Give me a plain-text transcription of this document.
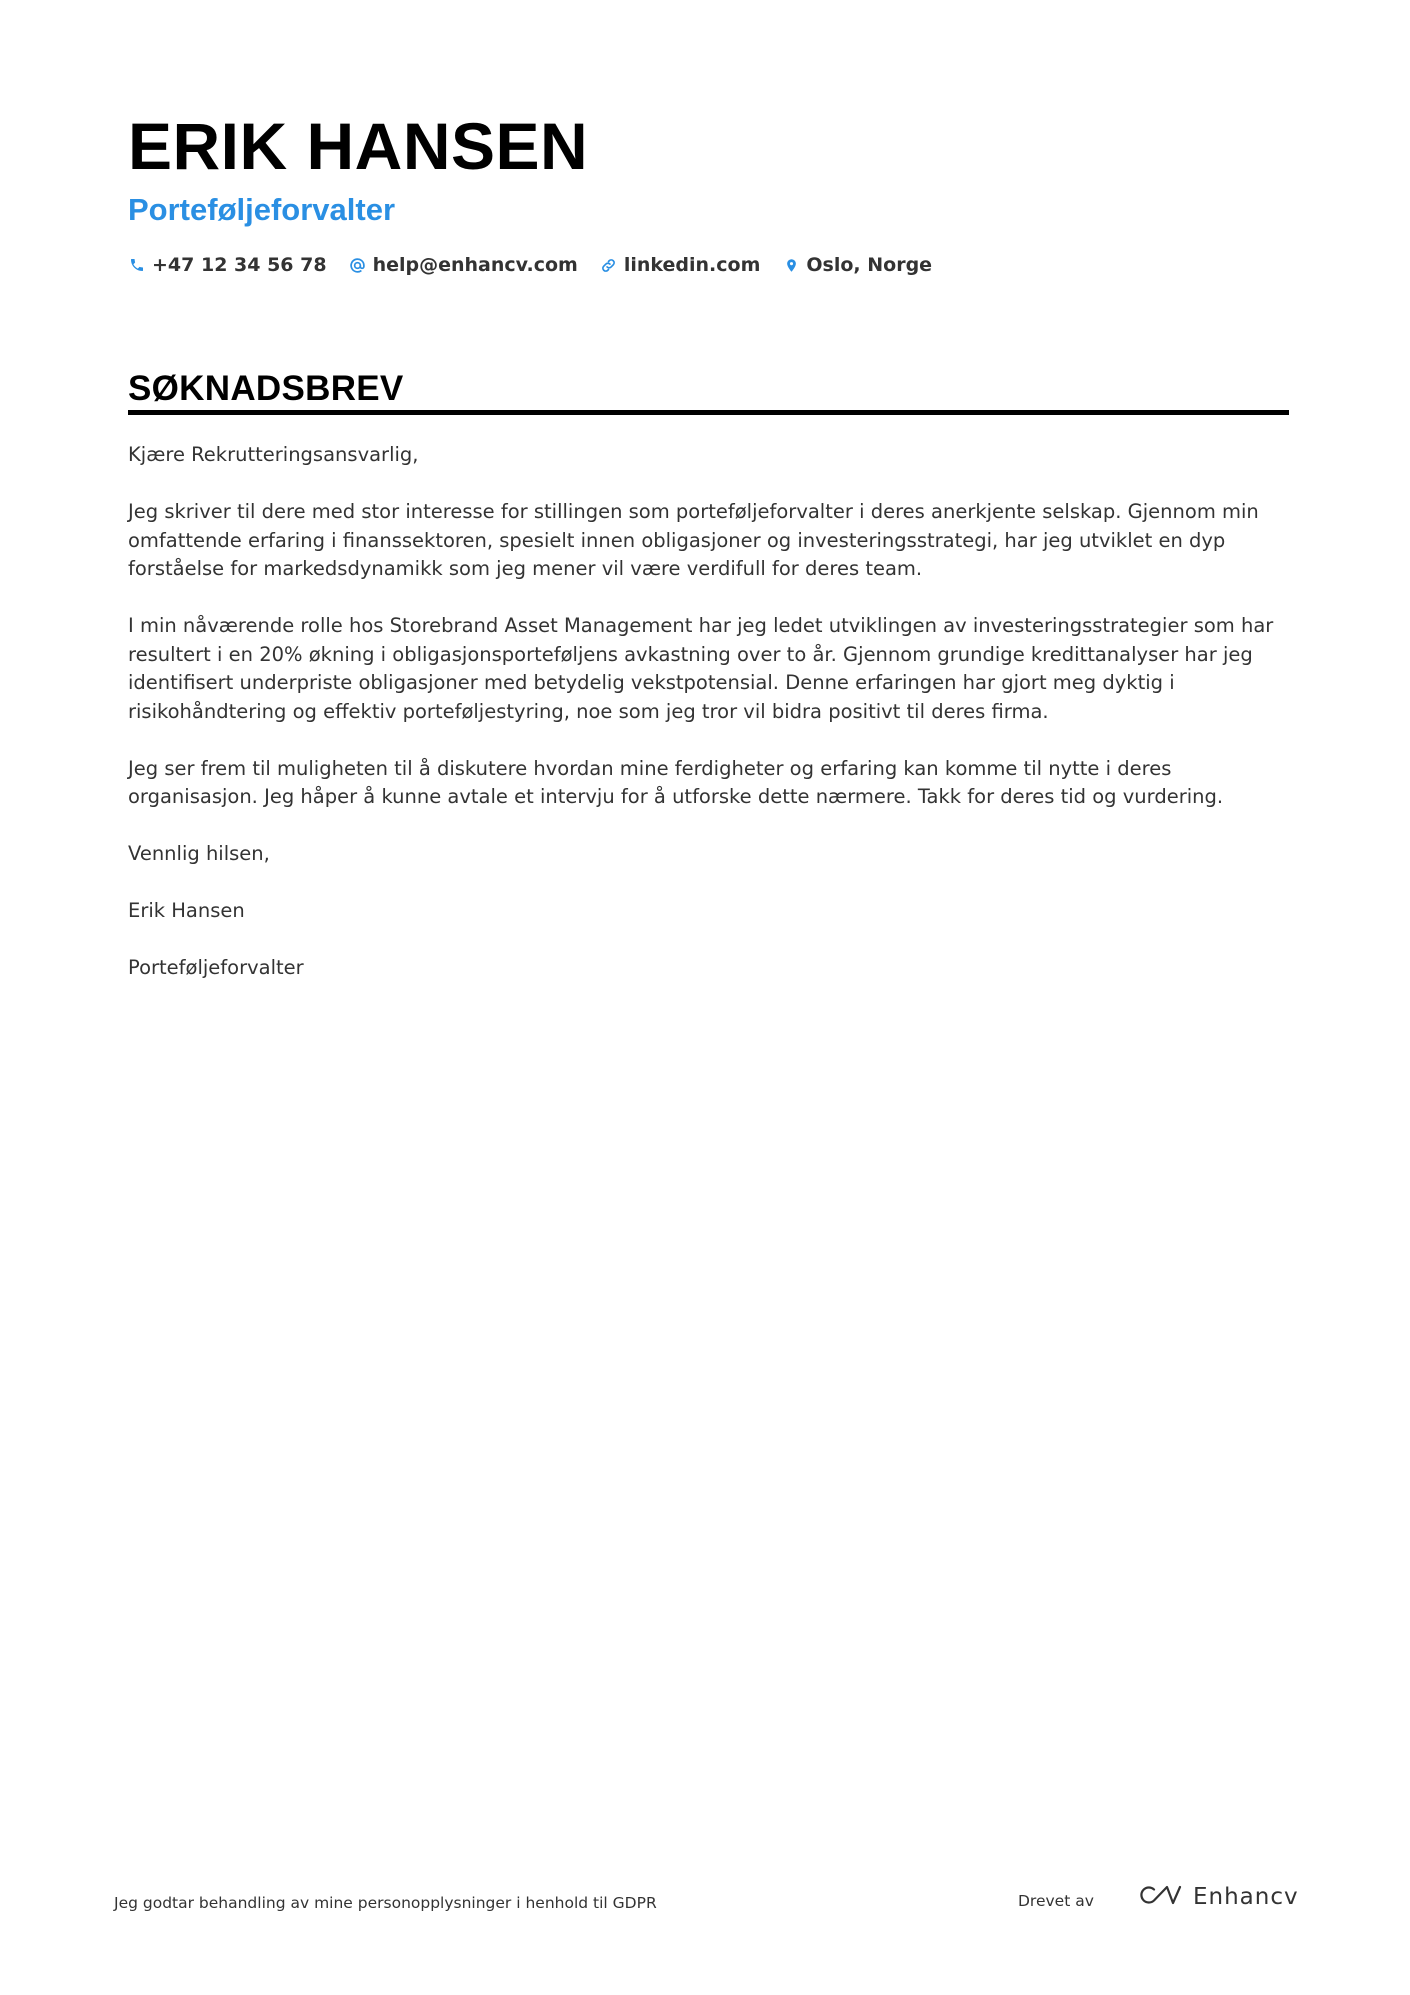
ERIK HANSEN
Porteføljeforvalter
+47 12 34 56 78 help@enhancv.com linkedin.com Oslo, Norge
SØKNADSBREV

Kjære Rekrutteringsansvarlig,

Jeg skriver til dere med stor interesse for stillingen som porteføljeforvalter i deres anerkjente selskap. Gjennom min omfattende erfaring i finanssektoren, spesielt innen obligasjoner og investeringsstrategi, har jeg utviklet en dyp forståelse for markedsdynamikk som jeg mener vil være verdifull for deres team.

I min nåværende rolle hos Storebrand Asset Management har jeg ledet utviklingen av investeringsstrategier som har resultert i en 20% økning i obligasjonsporteføljens avkastning over to år. Gjennom grundige kredittanalyser har jeg identifisert underpriste obligasjoner med betydelig vekstpotensial. Denne erfaringen har gjort meg dyktig i risikohåndtering og effektiv porteføljestyring, noe som jeg tror vil bidra positivt til deres firma.

Jeg ser frem til muligheten til å diskutere hvordan mine ferdigheter og erfaring kan komme til nytte i deres organisasjon. Jeg håper å kunne avtale et intervju for å utforske dette nærmere. Takk for deres tid og vurdering.

Vennlig hilsen,

Erik Hansen

Porteføljeforvalter

Jeg godtar behandling av mine personopplysninger i henhold til GDPR	Drevet av	Enhancv
